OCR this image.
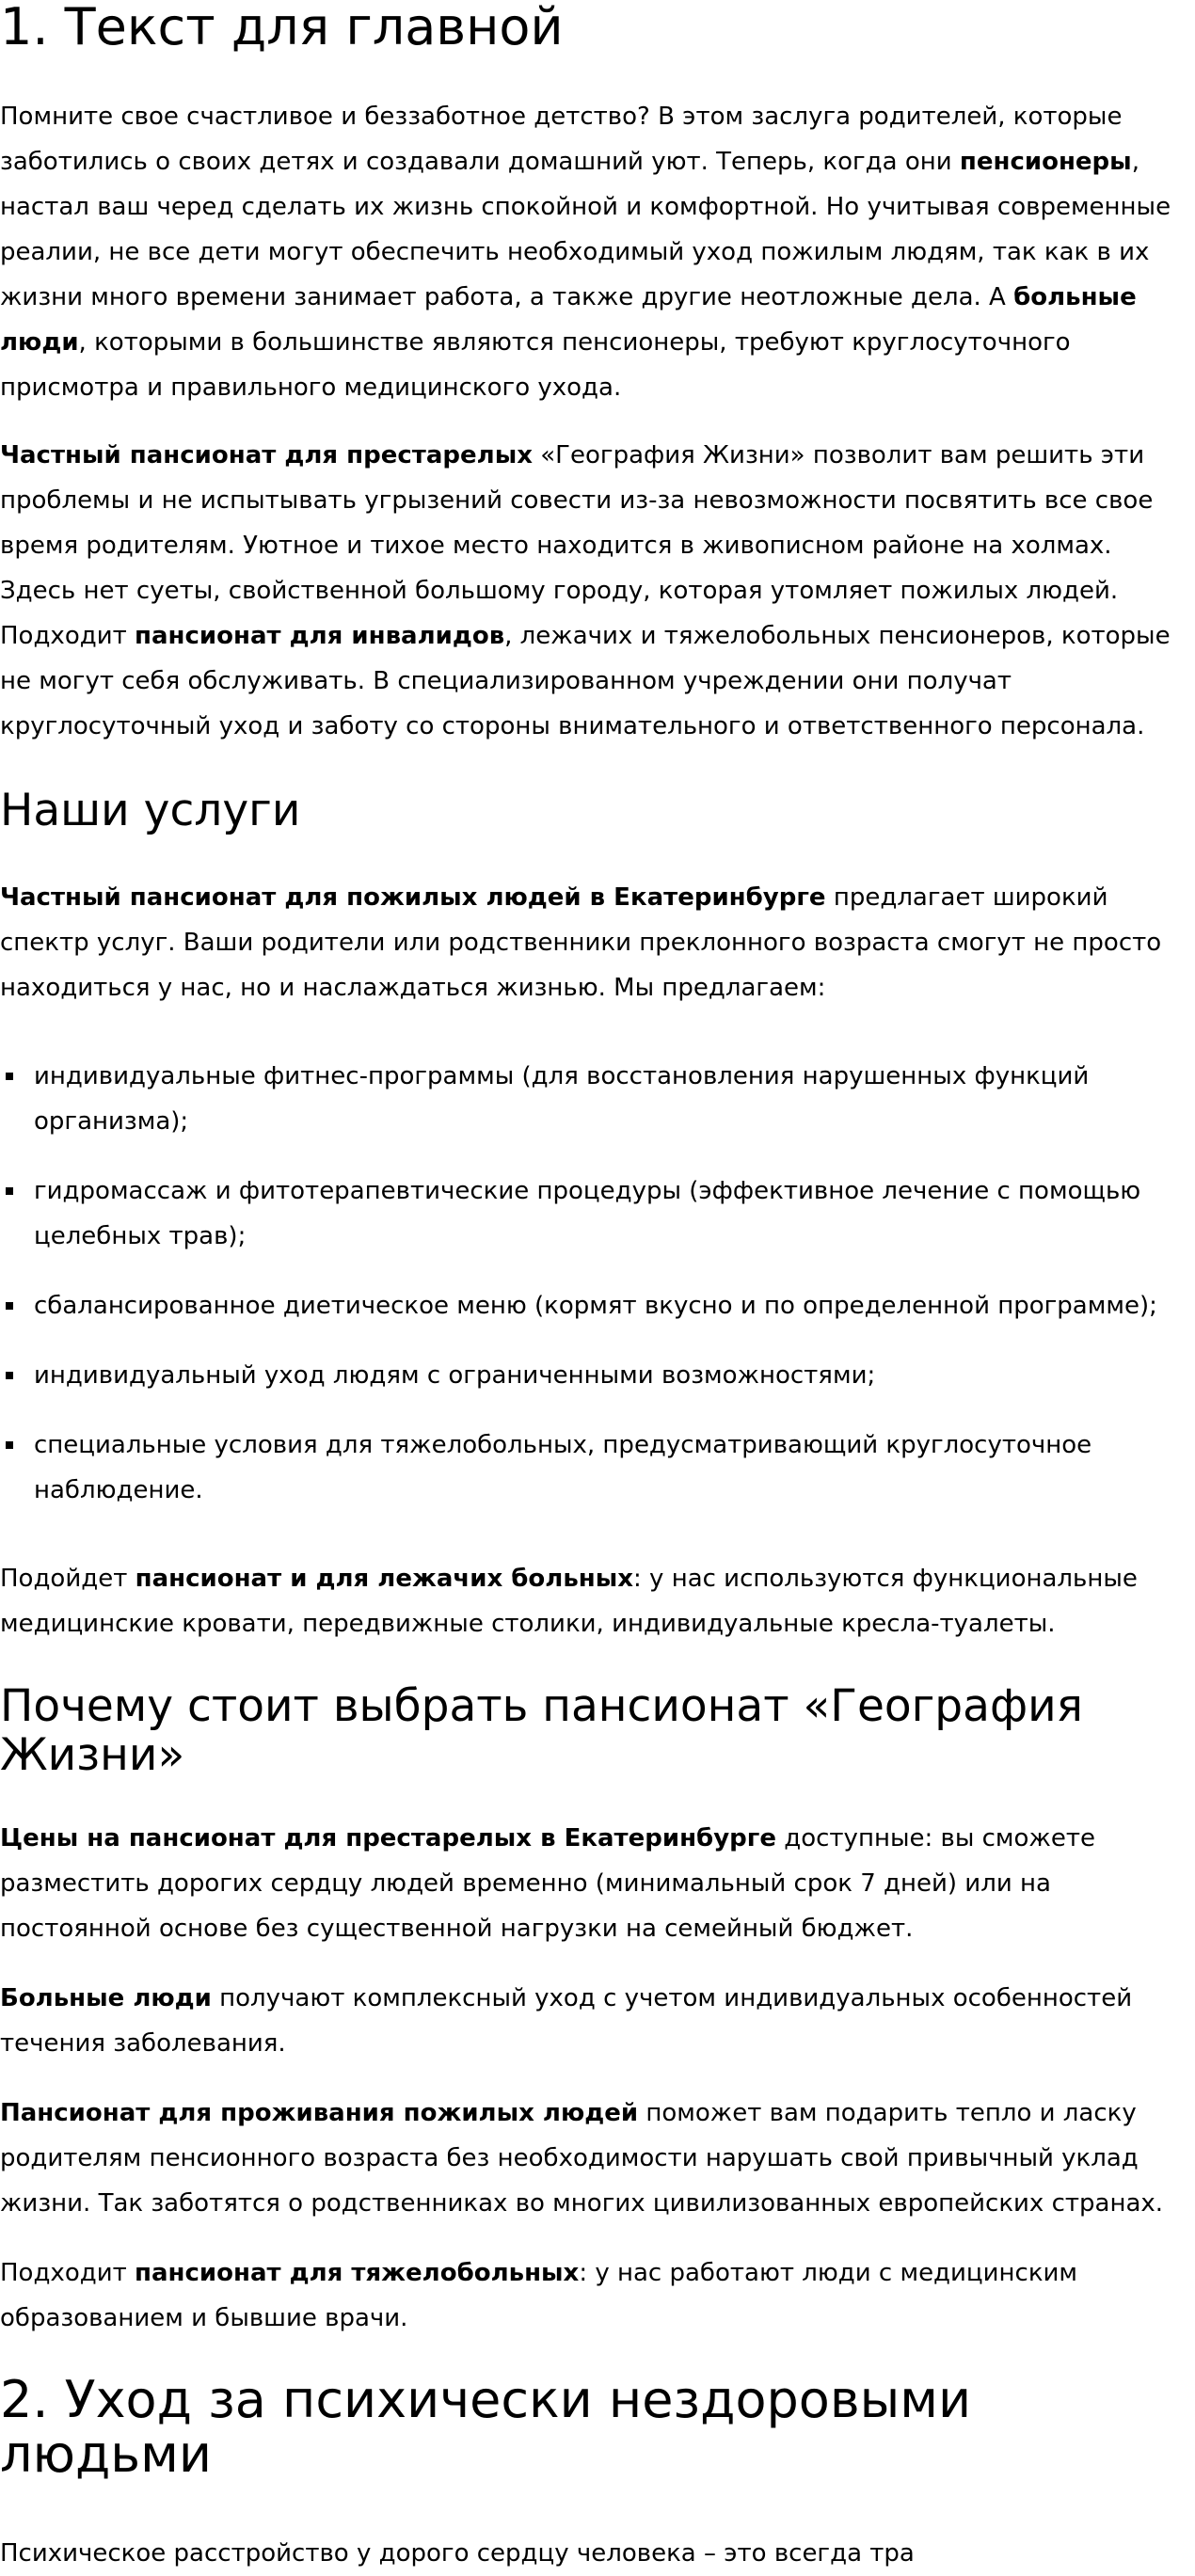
1. Текст для главной

Помните свое счастливое и беззаботное детство? В этом заслуга родителей, которые заботились о своих детях и создавали домашний уют. Теперь, когда они пенсионеры, настал ваш черед сделать их жизнь спокойной и комфортной. Но учитывая современные реалии, не все дети могут обеспечить необходимый уход пожилым людям, так как в их жизни много времени занимает работа, а также другие неотложные дела. А больные люди, которыми в большинстве являются пенсионеры, требуют круглосуточного присмотра и правильного медицинского ухода.

Частный пансионат для престарелых «География Жизни» позволит вам решить эти проблемы и не испытывать угрызений совести из-за невозможности посвятить все свое время родителям. Уютное и тихое место находится в живописном районе на холмах. Здесь нет суеты, свойственной большому городу, которая утомляет пожилых людей. Подходит пансионат для инвалидов, лежачих и тяжелобольных пенсионеров, которые не могут себя обслуживать. В специализированном учреждении они получат круглосуточный уход и заботу со стороны внимательного и ответственного персонала.

Наши услуги

Частный пансионат для пожилых людей в Екатеринбурге предлагает широкий спектр услуг. Ваши родители или родственники преклонного возраста смогут не просто находиться у нас, но и наслаждаться жизнью. Мы предлагаем:

индивидуальные фитнес-программы (для восстановления нарушенных функций организма);
гидромассаж и фитотерапевтические процедуры (эффективное лечение с помощью целебных трав);
сбалансированное диетическое меню (кормят вкусно и по определенной программе);
индивидуальный уход людям с ограниченными возможностями;
специальные условия для тяжелобольных, предусматривающий круглосуточное наблюдение.

Подойдет пансионат и для лежачих больных: у нас используются функциональные медицинские кровати, передвижные столики, индивидуальные кресла-туалеты.

Почему стоит выбрать пансионат «География Жизни»

Цены на пансионат для престарелых в Екатеринбурге доступные: вы сможете разместить дорогих сердцу людей временно (минимальный срок 7 дней) или на постоянной основе без существенной нагрузки на семейный бюджет.

Больные люди получают комплексный уход с учетом индивидуальных особенностей течения заболевания.

Пансионат для проживания пожилых людей поможет вам подарить тепло и ласку родителям пенсионного возраста без необходимости нарушать свой привычный уклад жизни. Так заботятся о родственниках во многих цивилизованных европейских странах.

Подходит пансионат для тяжелобольных: у нас работают люди с медицинским образованием и бывшие врачи.

2. Уход за психически нездоровыми людьми

Психическое расстройство у дорого сердцу человека – это всегда тра
